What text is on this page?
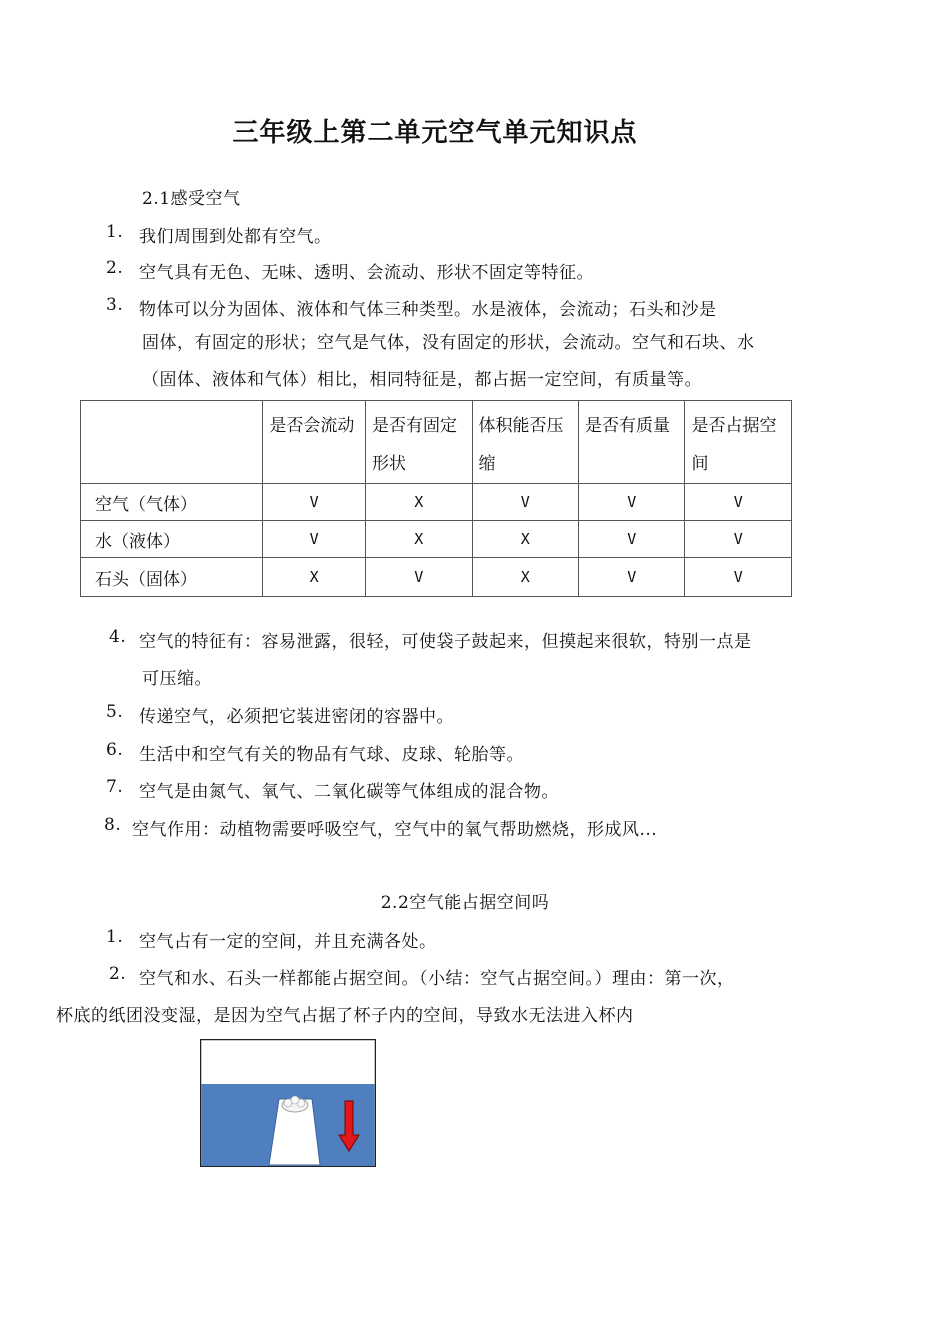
三年级上第二单元空气单元知识点
2.1感受空气
1. 我们周围到处都有空气。
2. 空气具有无色、无味、透明、会流动、形状不固定等特征。
3. 物体可以分为固体、液体和气体三种类型。水是液体，会流动；石头和沙是
固体，有固定的形状；空气是气体，没有固定的形状，会流动。空气和石块、水
（固体、液体和气体）相比，相同特征是，都占据一定空间，有质量等。
	是否会流动	是否有固定形状	体积能否压缩	是否有质量	是否占据空间
空气（气体）	V	X	V	V	V
水（液体）	V	X	X	V	V
石头（固体）	X	V	X	V	V
4. 空气的特征有：容易泄露，很轻，可使袋子鼓起来，但摸起来很软，特别一点是
可压缩。
5. 传递空气，必须把它装进密闭的容器中。
6. 生活中和空气有关的物品有气球、皮球、轮胎等。
7. 空气是由氮气、氧气、二氧化碳等气体组成的混合物。
8. 空气作用：动植物需要呼吸空气，空气中的氧气帮助燃烧，形成风...
2.2空气能占据空间吗
1. 空气占有一定的空间，并且充满各处。
2. 空气和水、石头一样都能占据空间。（小结：空气占据空间。）理由：第一次，
杯底的纸团没变湿，是因为空气占据了杯子内的空间，导致水无法进入杯内
